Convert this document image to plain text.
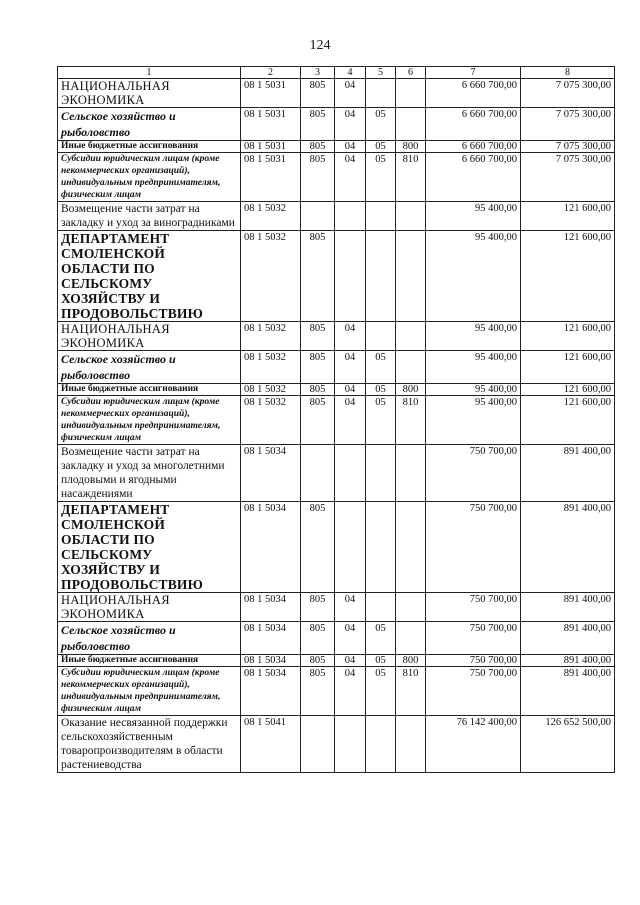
124
1	2	3	4	5	6	7	8
НАЦИОНАЛЬНАЯ ЭКОНОМИКА	08 1 5031	805	04			6 660 700,00	7 075 300,00
Сельское хозяйство и рыболовство	08 1 5031	805	04	05		6 660 700,00	7 075 300,00
Иные бюджетные ассигнования	08 1 5031	805	04	05	800	6 660 700,00	7 075 300,00
Субсидии юридическим лицам (кроме некоммерческих организаций), индивидуальным предпринимателям, физическим лицам	08 1 5031	805	04	05	810	6 660 700,00	7 075 300,00
Возмещение части затрат на закладку и уход за виноградниками	08 1 5032					95 400,00	121 600,00
ДЕПАРТАМЕНТ СМОЛЕНСКОЙ ОБЛАСТИ ПО СЕЛЬСКОМУ ХОЗЯЙСТВУ И ПРОДОВОЛЬСТВИЮ	08 1 5032	805				95 400,00	121 600,00
НАЦИОНАЛЬНАЯ ЭКОНОМИКА	08 1 5032	805	04			95 400,00	121 600,00
Сельское хозяйство и рыболовство	08 1 5032	805	04	05		95 400,00	121 600,00
Иные бюджетные ассигнования	08 1 5032	805	04	05	800	95 400,00	121 600,00
Субсидии юридическим лицам (кроме некоммерческих организаций), индивидуальным предпринимателям, физическим лицам	08 1 5032	805	04	05	810	95 400,00	121 600,00
Возмещение части затрат на закладку и уход за многолетними плодовыми и ягодными насаждениями	08 1 5034					750 700,00	891 400,00
ДЕПАРТАМЕНТ СМОЛЕНСКОЙ ОБЛАСТИ ПО СЕЛЬСКОМУ ХОЗЯЙСТВУ И ПРОДОВОЛЬСТВИЮ	08 1 5034	805				750 700,00	891 400,00
НАЦИОНАЛЬНАЯ ЭКОНОМИКА	08 1 5034	805	04			750 700,00	891 400,00
Сельское хозяйство и рыболовство	08 1 5034	805	04	05		750 700,00	891 400,00
Иные бюджетные ассигнования	08 1 5034	805	04	05	800	750 700,00	891 400,00
Субсидии юридическим лицам (кроме некоммерческих организаций), индивидуальным предпринимателям, физическим лицам	08 1 5034	805	04	05	810	750 700,00	891 400,00
Оказание несвязанной поддержки сельскохозяйственным товаропроизводителям в области растениеводства	08 1 5041					76 142 400,00	126 652 500,00
